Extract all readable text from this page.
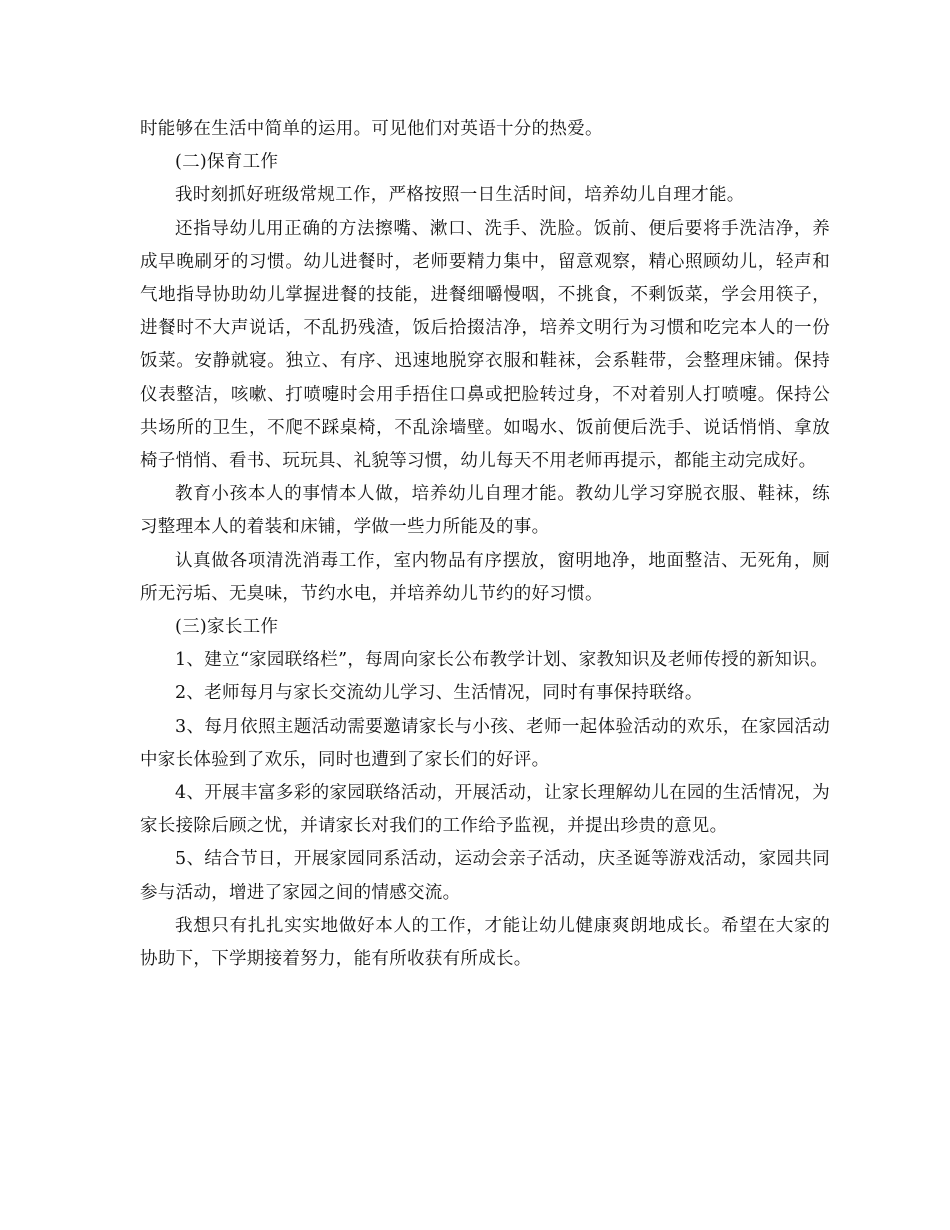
时能够在生活中简单的运用。可见他们对英语十分的热爱。

(二)保育工作

我时刻抓好班级常规工作，严格按照一日生活时间，培养幼儿自理才能。

还指导幼儿用正确的方法擦嘴、漱口、洗手、洗脸。饭前、便后要将手洗洁净，养成早晚刷牙的习惯。幼儿进餐时，老师要精力集中，留意观察，精心照顾幼儿，轻声和气地指导协助幼儿掌握进餐的技能，进餐细嚼慢咽，不挑食，不剩饭菜，学会用筷子，进餐时不大声说话，不乱扔残渣，饭后拾掇洁净，培养文明行为习惯和吃完本人的一份饭菜。安静就寝。独立、有序、迅速地脱穿衣服和鞋袜，会系鞋带，会整理床铺。保持仪表整洁，咳嗽、打喷嚏时会用手捂住口鼻或把脸转过身，不对着别人打喷嚏。保持公共场所的卫生，不爬不踩桌椅，不乱涂墙壁。如喝水、饭前便后洗手、说话悄悄、拿放椅子悄悄、看书、玩玩具、礼貌等习惯，幼儿每天不用老师再提示，都能主动完成好。

教育小孩本人的事情本人做，培养幼儿自理才能。教幼儿学习穿脱衣服、鞋袜，练习整理本人的着装和床铺，学做一些力所能及的事。

认真做各项清洗消毒工作，室内物品有序摆放，窗明地净，地面整洁、无死角，厕所无污垢、无臭味，节约水电，并培养幼儿节约的好习惯。

(三)家长工作

1、建立“家园联络栏”，每周向家长公布教学计划、家教知识及老师传授的新知识。

2、老师每月与家长交流幼儿学习、生活情况，同时有事保持联络。

3、每月依照主题活动需要邀请家长与小孩、老师一起体验活动的欢乐，在家园活动中家长体验到了欢乐，同时也遭到了家长们的好评。

4、开展丰富多彩的家园联络活动，开展活动，让家长理解幼儿在园的生活情况，为家长接除后顾之忧，并请家长对我们的工作给予监视，并提出珍贵的意见。

5、结合节日，开展家园同系活动，运动会亲子活动，庆圣诞等游戏活动，家园共同参与活动，增进了家园之间的情感交流。

我想只有扎扎实实地做好本人的工作，才能让幼儿健康爽朗地成长。希望在大家的协助下，下学期接着努力，能有所收获有所成长。
